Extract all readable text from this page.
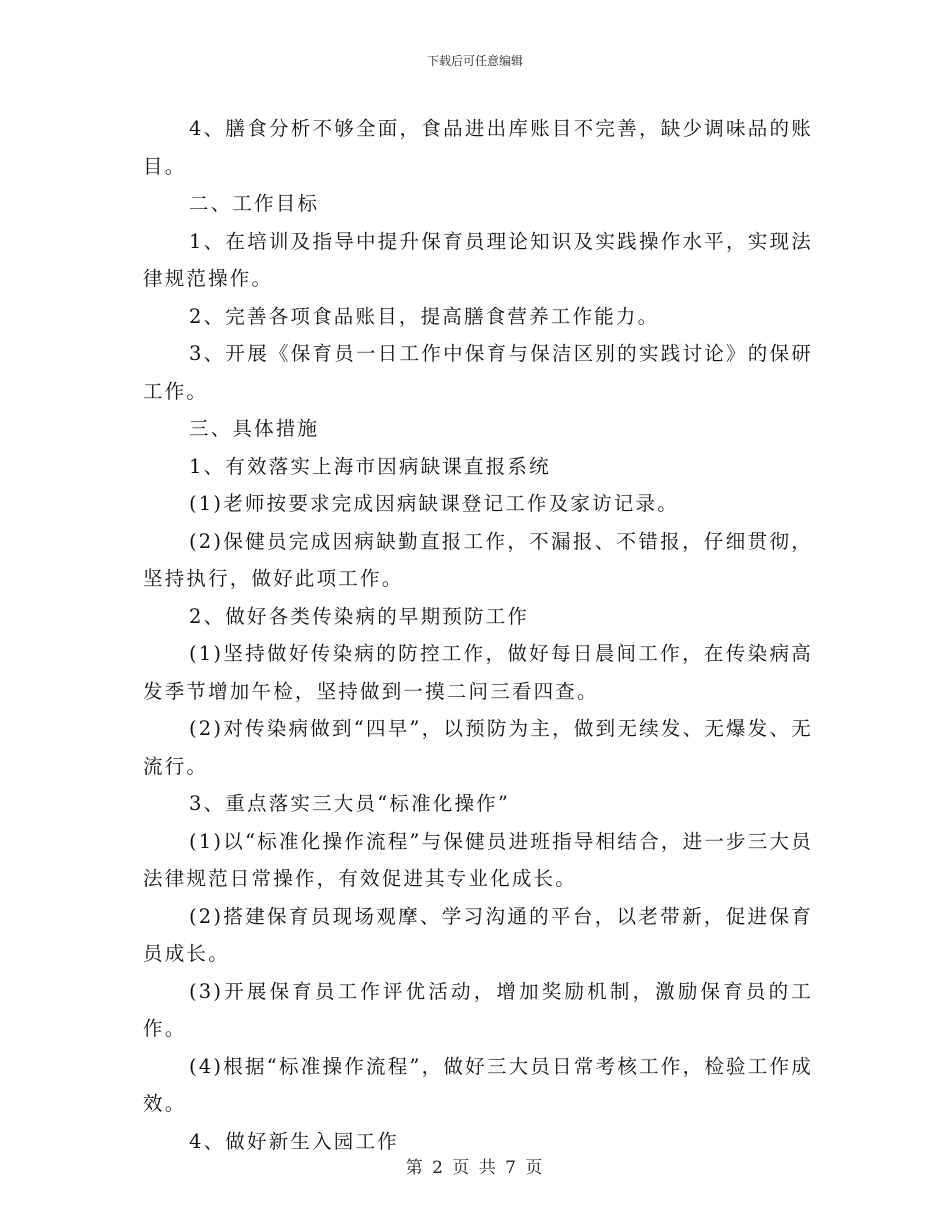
下载后可任意编辑

4、膳食分析不够全面，食品进出库账目不完善，缺少调味品的账目。

二、工作目标

1、在培训及指导中提升保育员理论知识及实践操作水平，实现法律规范操作。

2、完善各项食品账目，提高膳食营养工作能力。

3、开展《保育员一日工作中保育与保洁区别的实践讨论》的保研工作。

三、具体措施

1、有效落实上海市因病缺课直报系统

(1)老师按要求完成因病缺课登记工作及家访记录。

(2)保健员完成因病缺勤直报工作，不漏报、不错报，仔细贯彻，坚持执行，做好此项工作。

2、做好各类传染病的早期预防工作

(1)坚持做好传染病的防控工作，做好每日晨间工作，在传染病高发季节增加午检，坚持做到一摸二问三看四查。

(2)对传染病做到“四早”，以预防为主，做到无续发、无爆发、无流行。

3、重点落实三大员“标准化操作”

(1)以“标准化操作流程”与保健员进班指导相结合，进一步三大员法律规范日常操作，有效促进其专业化成长。

(2)搭建保育员现场观摩、学习沟通的平台，以老带新，促进保育员成长。

(3)开展保育员工作评优活动，增加奖励机制，激励保育员的工作。

(4)根据“标准操作流程”，做好三大员日常考核工作，检验工作成效。

4、做好新生入园工作

第 2 页 共 7 页
